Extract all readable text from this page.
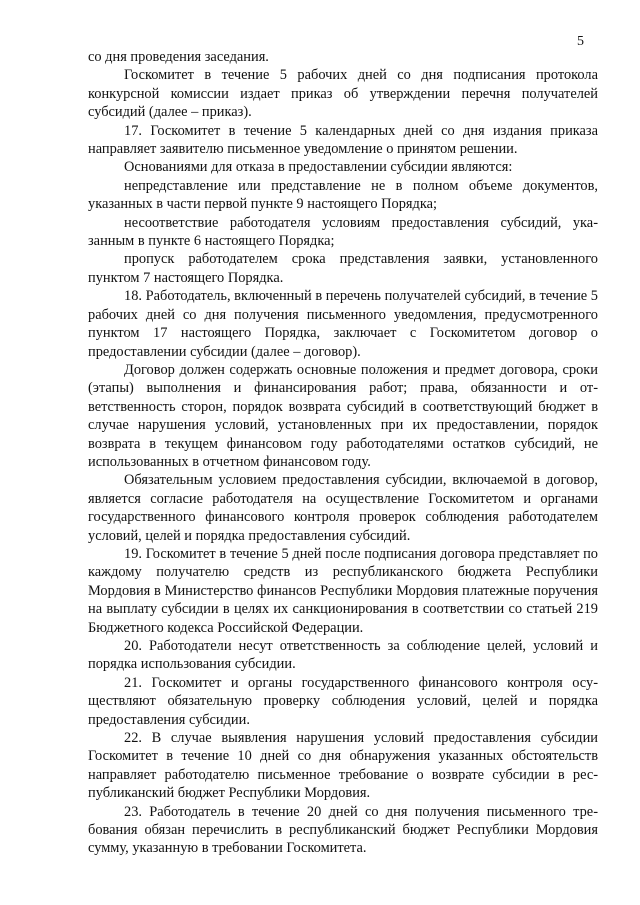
5

со дня проведения заседания.

Госкомитет в течение 5 рабочих дней со дня подписания протокола конкурсной комиссии издает приказ об утверждении перечня получателей субсидий (далее – приказ).

17. Госкомитет в течение 5 календарных дней со дня издания приказа направляет заявителю письменное уведомление о принятом решении.

Основаниями для отказа в предоставлении субсидии являются:

непредставление или представление не в полном объеме документов, указанных в части первой пункте 9 настоящего Порядка;

несоответствие работодателя условиям предоставления субсидий, указанным в пункте 6 настоящего Порядка;

пропуск работодателем срока представления заявки, установленного пунктом 7 настоящего Порядка.

18. Работодатель, включенный в перечень получателей субсидий, в течение 5 рабочих дней со дня получения письменного уведомления, предусмотренного пунктом 17 настоящего Порядка, заключает с Госкомитетом договор о предоставлении субсидии (далее – договор).

Договор должен содержать основные положения и предмет договора, сроки (этапы) выполнения и финансирования работ; права, обязанности и ответственность сторон, порядок возврата субсидий в соответствующий бюджет в случае нарушения условий, установленных при их предоставлении, порядок возврата в текущем финансовом году работодателями остатков субсидий, не использованных в отчетном финансовом году.

Обязательным условием предоставления субсидии, включаемой в договор, является согласие работодателя на осуществление Госкомитетом и органами государственного финансового контроля проверок соблюдения работодателем условий, целей и порядка предоставления субсидий.

19. Госкомитет в течение 5 дней после подписания договора представляет по каждому получателю средств из республиканского бюджета Республики Мордовия в Министерство финансов Республики Мордовия платежные поручения на выплату субсидии в целях их санкционирования в соответствии со статьей 219 Бюджетного кодекса Российской Федерации.

20. Работодатели несут ответственность за соблюдение целей, условий и порядка использования субсидии.

21. Госкомитет и органы государственного финансового контроля осуществляют обязательную проверку соблюдения условий, целей и порядка предоставления субсидии.

22. В случае выявления нарушения условий предоставления субсидии Госкомитет в течение 10 дней со дня обнаружения указанных обстоятельств направляет работодателю письменное требование о возврате субсидии в республиканский бюджет Республики Мордовия.

23. Работодатель в течение 20 дней со дня получения письменного требования обязан перечислить в республиканский бюджет Республики Мордовия сумму, указанную в требовании Госкомитета.
